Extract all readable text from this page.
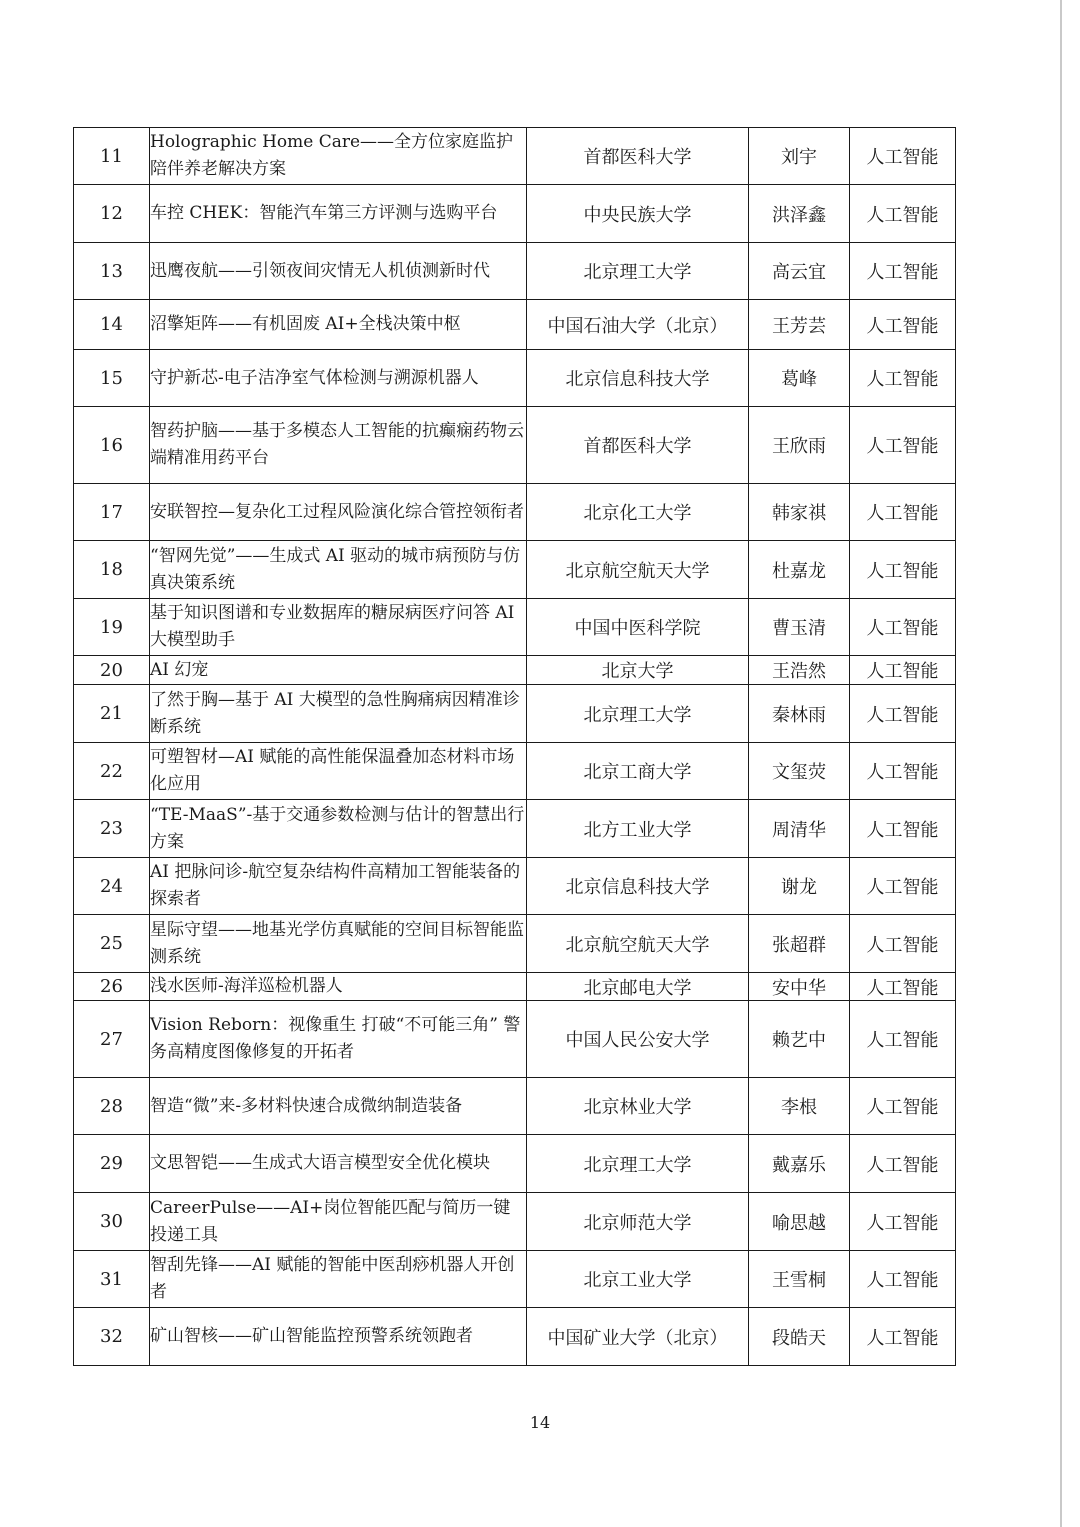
11	Holographic Home Care——全方位家庭监护陪伴养老解决方案	首都医科大学	刘宇	人工智能
12	车控 CHEK：智能汽车第三方评测与选购平台	中央民族大学	洪泽鑫	人工智能
13	迅鹰夜航——引领夜间灾情无人机侦测新时代	北京理工大学	高云宜	人工智能
14	沼擎矩阵——有机固废 AI+全栈决策中枢	中国石油大学（北京）	王芳芸	人工智能
15	守护新芯-电子洁净室气体检测与溯源机器人	北京信息科技大学	葛峰	人工智能
16	智药护脑——基于多模态人工智能的抗癫痫药物云端精准用药平台	首都医科大学	王欣雨	人工智能
17	安联智控—复杂化工过程风险演化综合管控领衔者	北京化工大学	韩家祺	人工智能
18	“智网先觉”——生成式 AI 驱动的城市病预防与仿真决策系统	北京航空航天大学	杜嘉龙	人工智能
19	基于知识图谱和专业数据库的糖尿病医疗问答 AI 大模型助手	中国中医科学院	曹玉清	人工智能
20	AI 幻宠	北京大学	王浩然	人工智能
21	了然于胸—基于 AI 大模型的急性胸痛病因精准诊断系统	北京理工大学	秦林雨	人工智能
22	可塑智材—AI 赋能的高性能保温叠加态材料市场化应用	北京工商大学	文玺荧	人工智能
23	“TE-MaaS”-基于交通参数检测与估计的智慧出行方案	北方工业大学	周清华	人工智能
24	AI 把脉问诊-航空复杂结构件高精加工智能装备的探索者	北京信息科技大学	谢龙	人工智能
25	星际守望——地基光学仿真赋能的空间目标智能监测系统	北京航空航天大学	张超群	人工智能
26	浅水医师-海洋巡检机器人	北京邮电大学	安中华	人工智能
27	Vision Reborn：视像重生 打破“不可能三角” 警务高精度图像修复的开拓者	中国人民公安大学	赖艺中	人工智能
28	智造“微”来-多材料快速合成微纳制造装备	北京林业大学	李根	人工智能
29	文思智铠——生成式大语言模型安全优化模块	北京理工大学	戴嘉乐	人工智能
30	CareerPulse——AI+岗位智能匹配与简历一键投递工具	北京师范大学	喻思越	人工智能
31	智刮先锋——AI 赋能的智能中医刮痧机器人开创者	北京工业大学	王雪桐	人工智能
32	矿山智核——矿山智能监控预警系统领跑者	中国矿业大学（北京）	段皓天	人工智能
14
